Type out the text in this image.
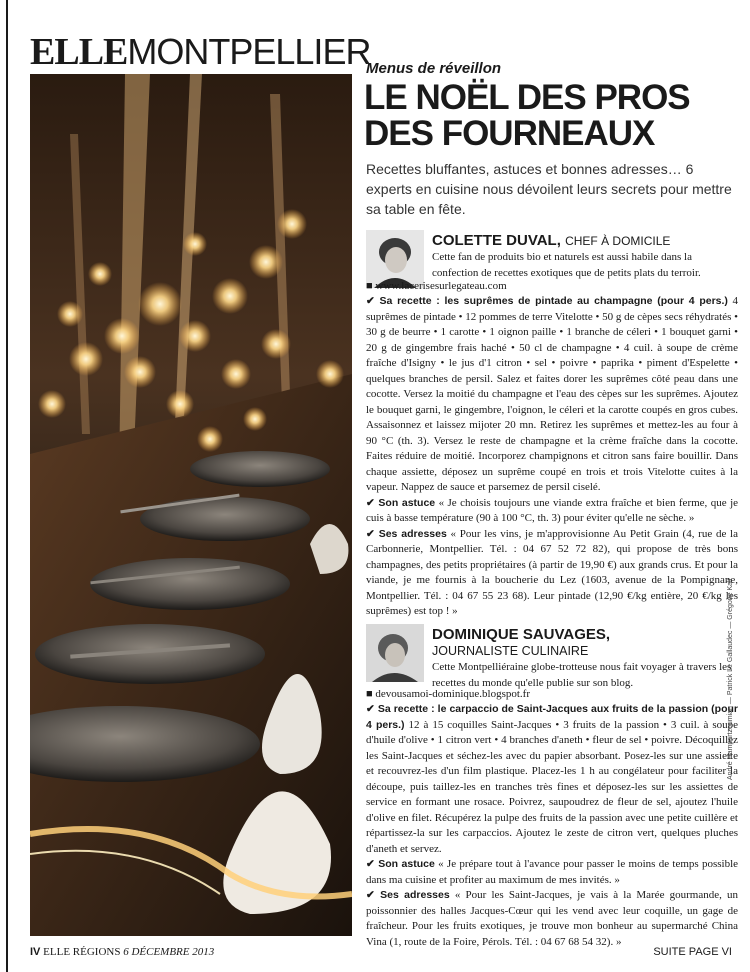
ELLEMONTPELLIER
Menus de réveillon
LE NOËL DES PROS
DES FOURNEAUX

Recettes bluffantes, astuces et bonnes adresses… 6 experts en cuisine nous dévoilent leurs secrets pour mettre sa table en fête.

COLETTE DUVAL, CHEF À DOMICILE

Cette fan de produits bio et naturels est aussi habile dans la confection de recettes exotiques que de petits plats du terroir.

■ www.lacerisesurlegateau.com

✔ Sa recette : les suprêmes de pintade au champagne (pour 4 pers.) 4 suprêmes de pintade • 12 pommes de terre Vitelotte • 50 g de cèpes secs réhydratés • 30 g de beurre • 1 carotte • 1 oignon paille • 1 branche de céleri • 1 bouquet garni • 20 g de gingembre frais haché • 50 cl de champagne • 4 cuil. à soupe de crème fraîche d'Isigny • le jus d'1 citron • sel • poivre • paprika • piment d'Espelette • quelques branches de persil. Salez et faites dorer les suprêmes côté peau dans une cocotte. Versez la moitié du champagne et l'eau des cèpes sur les suprêmes. Ajoutez le bouquet garni, le gingembre, l'oignon, le céleri et la carotte coupés en gros cubes. Assaisonnez et laissez mijoter 20 mn. Retirez les suprêmes et mettez-les au four à 90 °C (th. 3). Versez le reste de champagne et la crème fraîche dans la cocotte. Faites réduire de moitié. Incorporez champignons et citron sans faire bouillir. Dans chaque assiette, déposez un suprême coupé en trois et trois Vitelotte cuites à la vapeur. Nappez de sauce et parsemez de persil ciselé.
✔ Son astuce « Je choisis toujours une viande extra fraîche et bien ferme, que je cuis à basse température (90 à 100 °C, th. 3) pour éviter qu'elle ne sèche. »
✔ Ses adresses « Pour les vins, je m'approvisionne Au Petit Grain (4, rue de la Carbonnerie, Montpellier. Tél. : 04 67 52 72 82), qui propose de très bons champagnes, des petits propriétaires (à partir de 19,90 €) aux grands crus. Et pour la viande, je me fournis à la boucherie du Lez (1603, avenue de la Pompignane, Montpellier. Tél. : 04 67 55 23 68). Leur pintade (12,90 €/kg entière, 20 €/kg les suprêmes) est top ! »

DOMINIQUE SAUVAGES,
JOURNALISTE CULINAIRE

Cette Montpelliéraine globe-trotteuse nous fait voyager à travers les recettes du monde qu'elle publie sur son blog.

■ devousamoi-dominique.blogspot.fr

✔ Sa recette : le carpaccio de Saint-Jacques aux fruits de la passion (pour 4 pers.) 12 à 15 coquilles Saint-Jacques • 3 fruits de la passion • 3 cuil. à soupe d'huile d'olive • 1 citron vert • 4 branches d'aneth • fleur de sel • poivre. Décoquillez les Saint-Jacques et séchez-les avec du papier absorbant. Posez-les sur une assiette et recouvrez-les d'un film plastique. Placez-les 1 h au congélateur pour faciliter la découpe, puis taillez-les en tranches très fines et déposez-les sur les assiettes de service en formant une rosace. Poivrez, saupoudrez de fleur de sel, ajoutez l'huile d'olive en filet. Récupérez la pulpe des fruits de la passion avec une petite cuillère et répartissez-la sur les carpaccios. Ajoutez le zeste de citron vert, quelques pluches d'aneth et servez.
✔ Son astuce « Je prépare tout à l'avance pour passer le moins de temps possible dans ma cuisine et profiter au maximum de mes invités. »
✔ Ses adresses « Pour les Saint-Jacques, je vais à la Marée gourmande, un poissonnier des halles Jacques-Cœur qui les vend avec leur coquille, un gage de fraîcheur. Pour les fruits exotiques, je trouve mon bonheur au supermarché China Vina (1, route de la Foire, Pérols. Tél. : 04 67 68 54 32). »

André Hampartzoumian — Patrick Le Gallaudec — Grégoire Kalt
IV ELLE RÉGIONS 6 DÉCEMBRE 2013	SUITE PAGE VI
